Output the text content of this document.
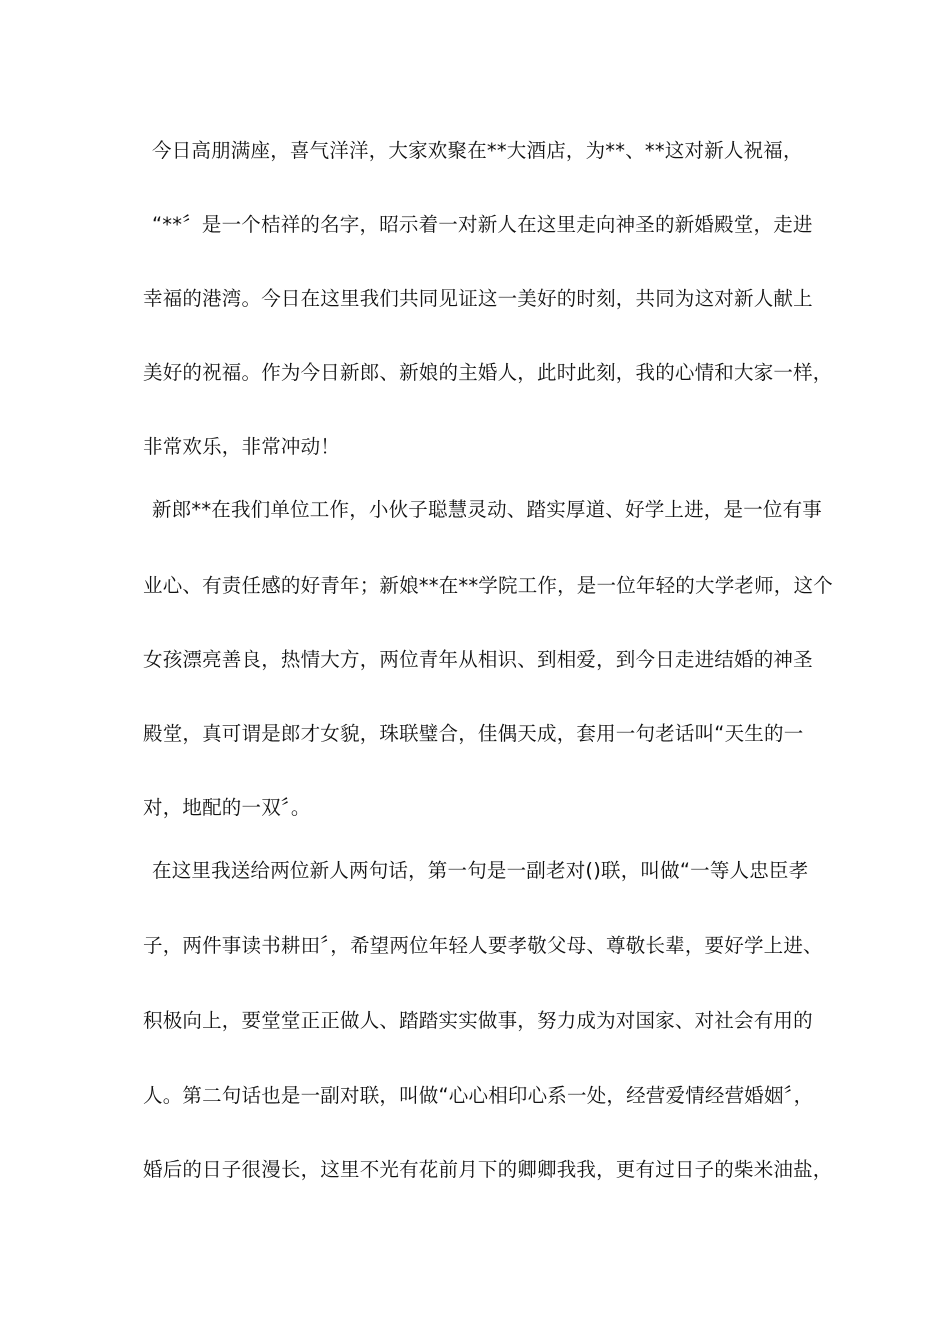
今日高朋满座，喜气洋洋，大家欢聚在**大酒店，为**、**这对新人祝福，
“**〞是一个桔祥的名字，昭示着一对新人在这里走向神圣的新婚殿堂，走进
幸福的港湾。今日在这里我们共同见证这一美好的时刻，共同为这对新人献上
美好的祝福。作为今日新郎、新娘的主婚人，此时此刻，我的心情和大家一样，
非常欢乐，非常冲动！
新郎**在我们单位工作，小伙子聪慧灵动、踏实厚道、好学上进，是一位有事
业心、有责任感的好青年；新娘**在**学院工作，是一位年轻的大学老师，这个
女孩漂亮善良，热情大方，两位青年从相识、到相爱，到今日走进结婚的神圣
殿堂，真可谓是郎才女貌，珠联璧合，佳偶天成，套用一句老话叫“天生的一
对，地配的一双〞。
在这里我送给两位新人两句话，第一句是一副老对()联，叫做“一等人忠臣孝
子，两件事读书耕田〞，希望两位年轻人要孝敬父母、尊敬长辈，要好学上进、
积极向上，要堂堂正正做人、踏踏实实做事，努力成为对国家、对社会有用的
人。第二句话也是一副对联，叫做“心心相印心系一处，经营爱情经营婚姻〞，
婚后的日子很漫长，这里不光有花前月下的卿卿我我，更有过日子的柴米油盐，
